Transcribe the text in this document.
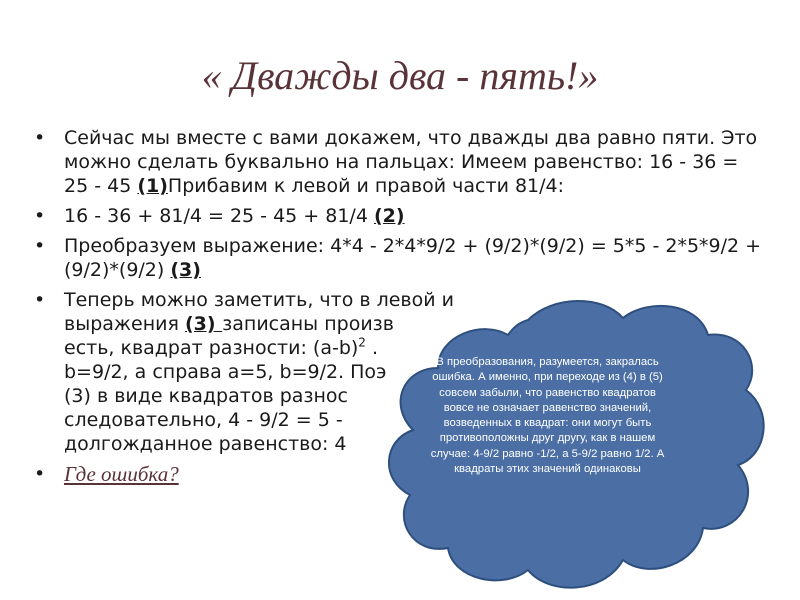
« Дважды два - пять!»
• Сейчас мы вместе с вами докажем, что дважды два равно пяти. Это можно сделать буквально на пальцах: Имеем равенство: 16 - 36 = 25 - 45 (1)Прибавим к левой и правой части 81/4:
• 16 - 36 + 81/4 = 25 - 45 + 81/4 (2)
• Преобразуем выражение: 4*4 - 2*4*9/2 + (9/2)*(9/2) = 5*5 - 2*5*9/2 + (9/2)*(9/2) (3)
• Теперь можно заметить, что в левой и
выражения (3) записаны произв
есть, квадрат разности: $(a-b)^2$ .
b=9/2, а справа a=5, b=9/2. Поэ
(3) в виде квадратов разнос
следовательно, 4 - 9/2 = 5 -
долгожданное равенство: 4
• Где ошибка?
В преобразования, разумеется, закралась ошибка. А именно, при переходе из (4) в (5) совсем забыли, что равенство квадратов вовсе не означает равенство значений, возведенных в квадрат: они могут быть противоположны друг другу, как в нашем случае: 4-9/2 равно -1/2, а 5-9/2 равно 1/2. А квадраты этих значений одинаковы
